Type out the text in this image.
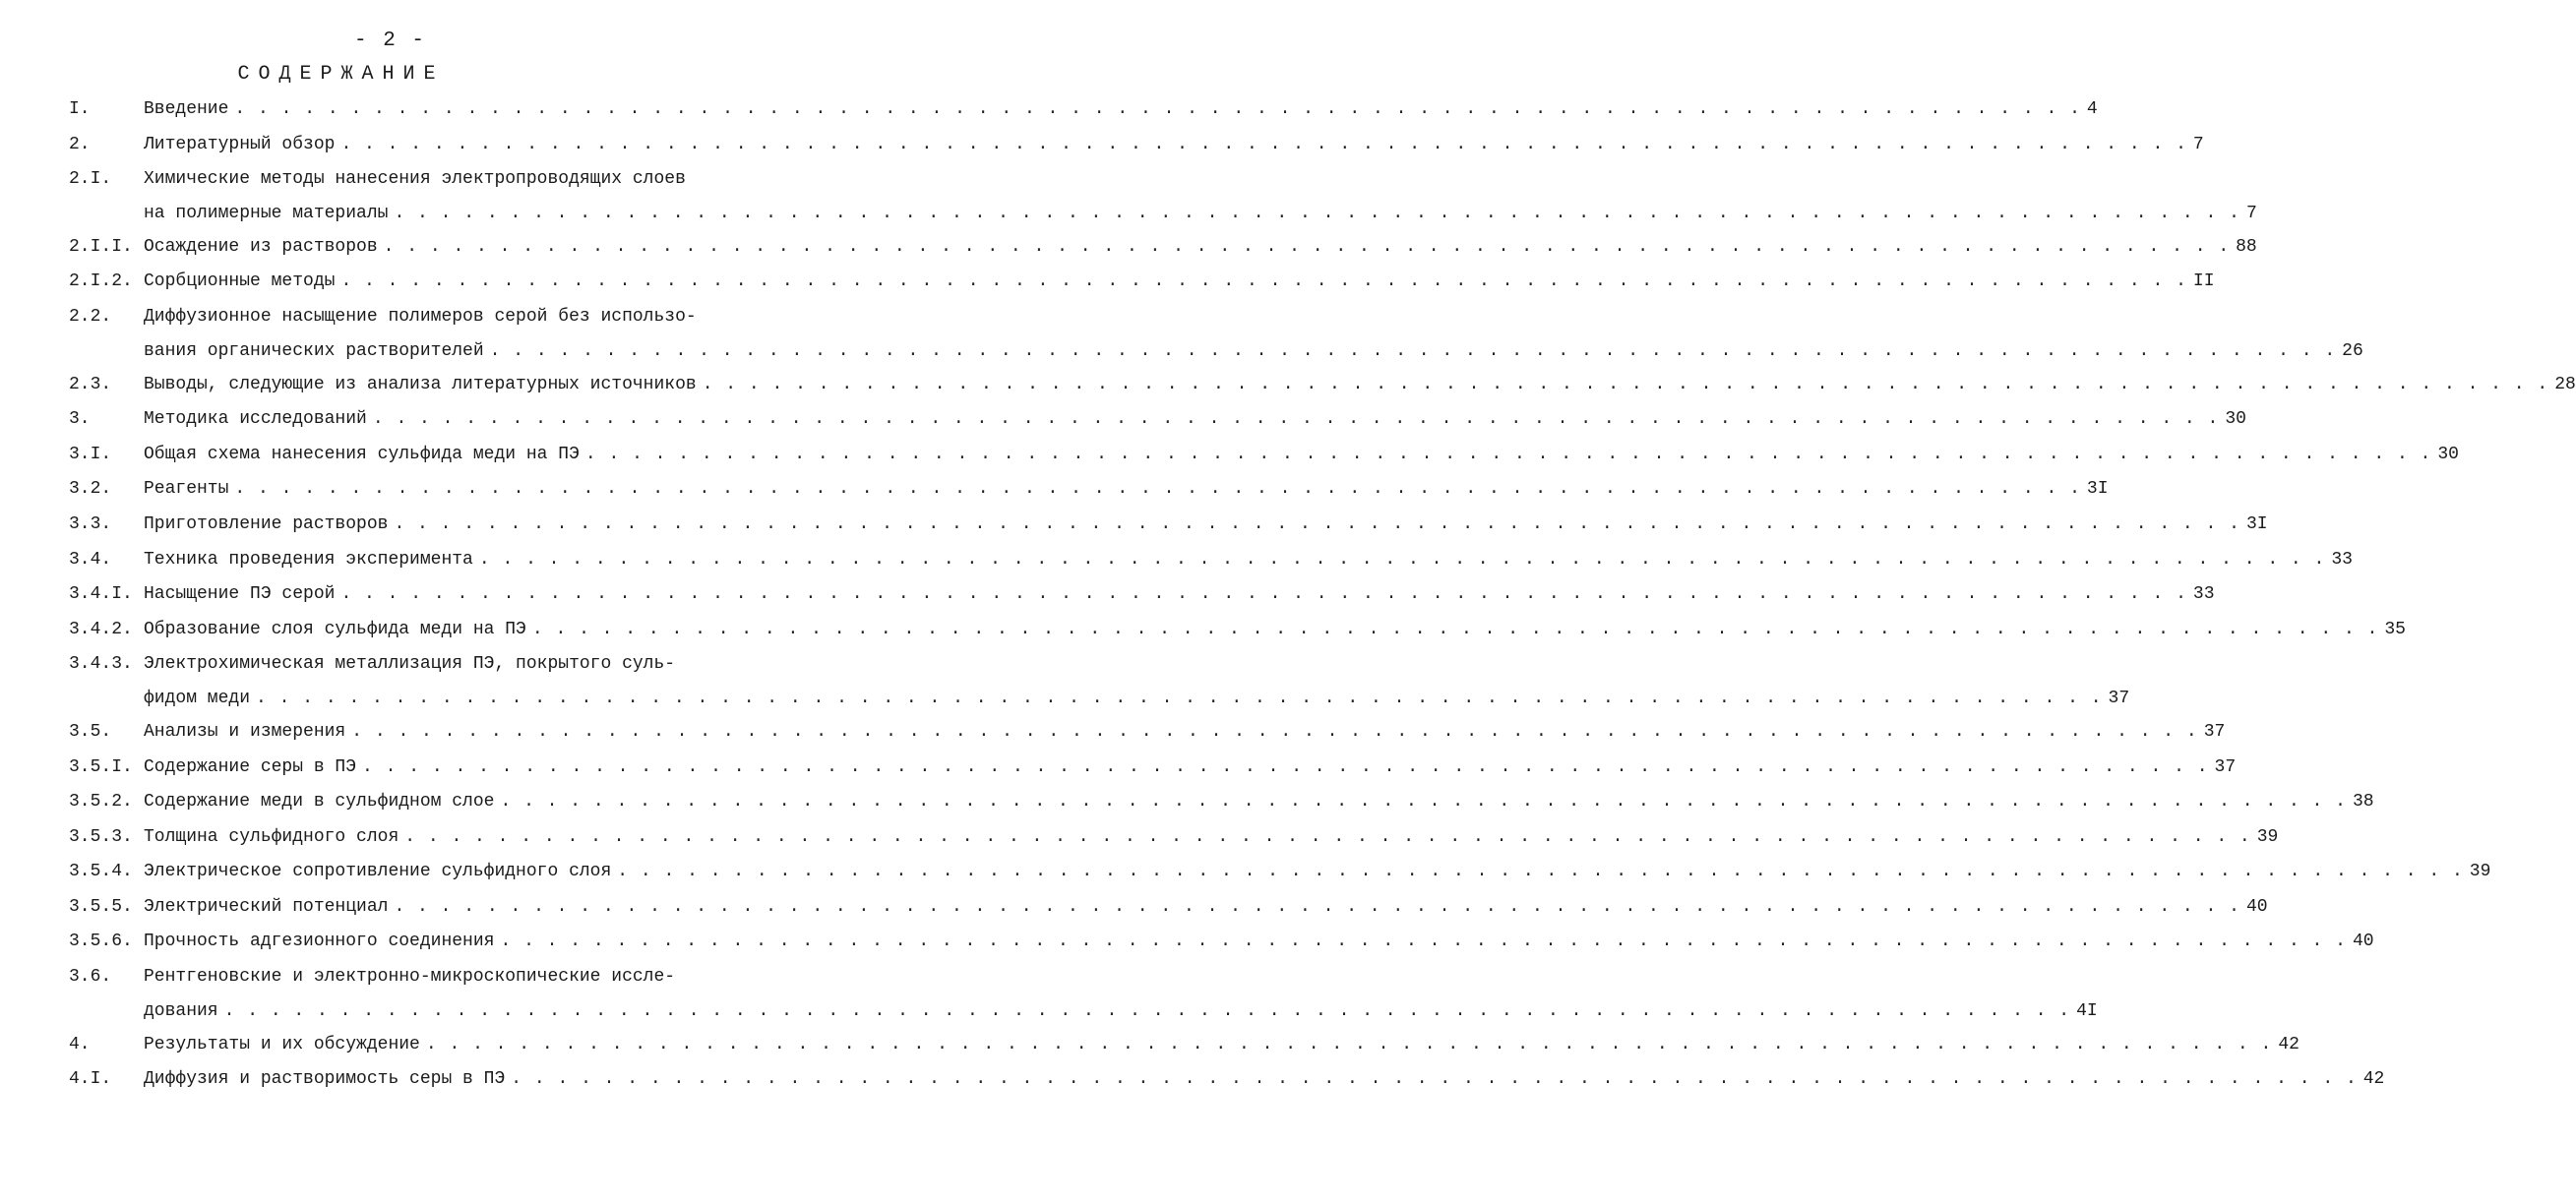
- 2 -
СОДЕРЖАНИЕ
I.	Введение . . . . . . . . . . . . . . . . . . . . . . . . . . . . . . . . . . . . . . . . . . . . . . . . . . . . . . . . . . . . . . . . . . . . . . . . . . . . . . . . 4
2.	Литературный обзор . . . . . . . . . . . . . . . . . . . . . . . . . . . . . . . . . . . . . . . . . . . . . . . . . . . . . . . . . . . . . . . . . . . . . . . . . . . . . . . . 7
2.I. Химические методы нанесения электропроводящих слоев
на полимерные материалы . . . . . . . . . . . . . . . . . . . . . . . . . . . . . . . . . . . . . . . . . . . . . . . . . . . . . . . . . . . . . . . . . . . . . . . . . . . . . . . . 7
2.I.I. Осаждение из растворов . . . . . . . . . . . . . . . . . . . . . . . . . . . . . . . . . . . . . . . . . . . . . . . . . . . . . . . . . . . . . . . . . . . . . . . . . . . . . . . . 88
2.I.2. Сорбционные методы . . . . . . . . . . . . . . . . . . . . . . . . . . . . . . . . . . . . . . . . . . . . . . . . . . . . . . . . . . . . . . . . . . . . . . . . . . . . . . . . II
2.2. Диффузионное насыщение полимеров серой без использо-
вания органических растворителей . . . . . . . . . . . . . . . . . . . . . . . . . . . . . . . . . . . . . . . . . . . . . . . . . . . . . . . . . . . . . . . . . . . . . . . . . . . . . . . . 26
2.3. Выводы, следующие из анализа литературных источников . . . . . . . . . . . . . . . . . . . . . . . . . . . . . . . . . . . . . . . . . . . . . . . . . . . . . . . . . . . . . . . . . . . . . . . . . . . . . . . . 28
3.	Методика исследований . . . . . . . . . . . . . . . . . . . . . . . . . . . . . . . . . . . . . . . . . . . . . . . . . . . . . . . . . . . . . . . . . . . . . . . . . . . . . . . . 30
3.I. Общая схема нанесения сульфида меди на ПЭ . . . . . . . . . . . . . . . . . . . . . . . . . . . . . . . . . . . . . . . . . . . . . . . . . . . . . . . . . . . . . . . . . . . . . . . . . . . . . . . . 30
3.2. Реагенты . . . . . . . . . . . . . . . . . . . . . . . . . . . . . . . . . . . . . . . . . . . . . . . . . . . . . . . . . . . . . . . . . . . . . . . . . . . . . . . . 3I
3.3. Приготовление растворов . . . . . . . . . . . . . . . . . . . . . . . . . . . . . . . . . . . . . . . . . . . . . . . . . . . . . . . . . . . . . . . . . . . . . . . . . . . . . . . . 3I
3.4. Техника проведения эксперимента . . . . . . . . . . . . . . . . . . . . . . . . . . . . . . . . . . . . . . . . . . . . . . . . . . . . . . . . . . . . . . . . . . . . . . . . . . . . . . . . 33
3.4.I. Насыщение ПЭ серой . . . . . . . . . . . . . . . . . . . . . . . . . . . . . . . . . . . . . . . . . . . . . . . . . . . . . . . . . . . . . . . . . . . . . . . . . . . . . . . . 33
3.4.2. Образование слоя сульфида меди на ПЭ . . . . . . . . . . . . . . . . . . . . . . . . . . . . . . . . . . . . . . . . . . . . . . . . . . . . . . . . . . . . . . . . . . . . . . . . . . . . . . . . 35
3.4.3. Электрохимическая металлизация ПЭ, покрытого суль-
фидом меди . . . . . . . . . . . . . . . . . . . . . . . . . . . . . . . . . . . . . . . . . . . . . . . . . . . . . . . . . . . . . . . . . . . . . . . . . . . . . . . . 37
3.5. Анализы и измерения . . . . . . . . . . . . . . . . . . . . . . . . . . . . . . . . . . . . . . . . . . . . . . . . . . . . . . . . . . . . . . . . . . . . . . . . . . . . . . . . 37
3.5.I. Содержание серы в ПЭ . . . . . . . . . . . . . . . . . . . . . . . . . . . . . . . . . . . . . . . . . . . . . . . . . . . . . . . . . . . . . . . . . . . . . . . . . . . . . . . . 37
3.5.2. Содержание меди в сульфидном слое . . . . . . . . . . . . . . . . . . . . . . . . . . . . . . . . . . . . . . . . . . . . . . . . . . . . . . . . . . . . . . . . . . . . . . . . . . . . . . . . 38
3.5.3. Толщина сульфидного слоя . . . . . . . . . . . . . . . . . . . . . . . . . . . . . . . . . . . . . . . . . . . . . . . . . . . . . . . . . . . . . . . . . . . . . . . . . . . . . . . . 39
3.5.4. Электрическое сопротивление сульфидного слоя . . . . . . . . . . . . . . . . . . . . . . . . . . . . . . . . . . . . . . . . . . . . . . . . . . . . . . . . . . . . . . . . . . . . . . . . . . . . . . . . 39
3.5.5. Электрический потенциал . . . . . . . . . . . . . . . . . . . . . . . . . . . . . . . . . . . . . . . . . . . . . . . . . . . . . . . . . . . . . . . . . . . . . . . . . . . . . . . . 40
3.5.6. Прочность адгезионного соединения . . . . . . . . . . . . . . . . . . . . . . . . . . . . . . . . . . . . . . . . . . . . . . . . . . . . . . . . . . . . . . . . . . . . . . . . . . . . . . . . 40
3.6. Рентгеновские и электронно-микроскопические иссле-
дования . . . . . . . . . . . . . . . . . . . . . . . . . . . . . . . . . . . . . . . . . . . . . . . . . . . . . . . . . . . . . . . . . . . . . . . . . . . . . . . . 4I
4.	Результаты и их обсуждение . . . . . . . . . . . . . . . . . . . . . . . . . . . . . . . . . . . . . . . . . . . . . . . . . . . . . . . . . . . . . . . . . . . . . . . . . . . . . . . . 42
4.I. Диффузия и растворимость серы в ПЭ . . . . . . . . . . . . . . . . . . . . . . . . . . . . . . . . . . . . . . . . . . . . . . . . . . . . . . . . . . . . . . . . . . . . . . . . . . . . . . . . 42
